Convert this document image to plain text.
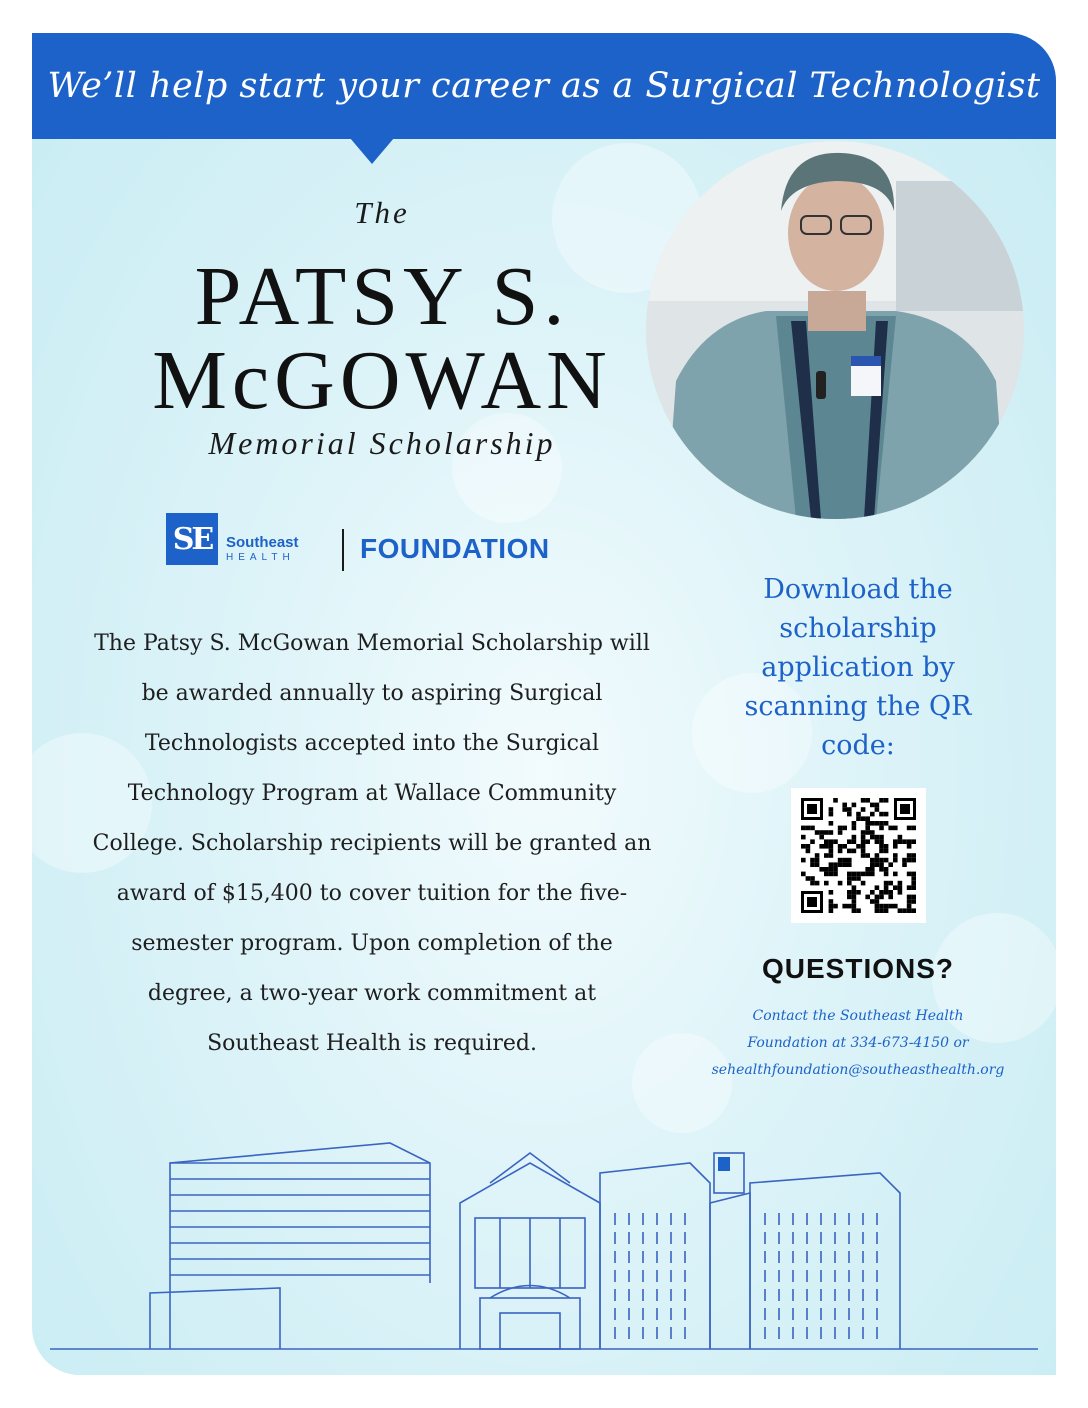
We’ll help start your career as a Surgical Technologist
The
PATSY S.
McGOWAN
Memorial Scholarship
SE Southeast
HEALTH FOUNDATION
The Patsy S. McGowan Memorial Scholarship will be awarded annually to aspiring Surgical Technologists accepted into the Surgical Technology Program at Wallace Community College. Scholarship recipients will be granted an award of $15,400 to cover tuition for the five-semester program. Upon completion of the degree, a two-year work commitment at Southeast Health is required.
Download the scholarship application by scanning the QR code:
QUESTIONS?
Contact the Southeast Health
Foundation at 334-673-4150 or
sehealthfoundation@southeasthealth.org
